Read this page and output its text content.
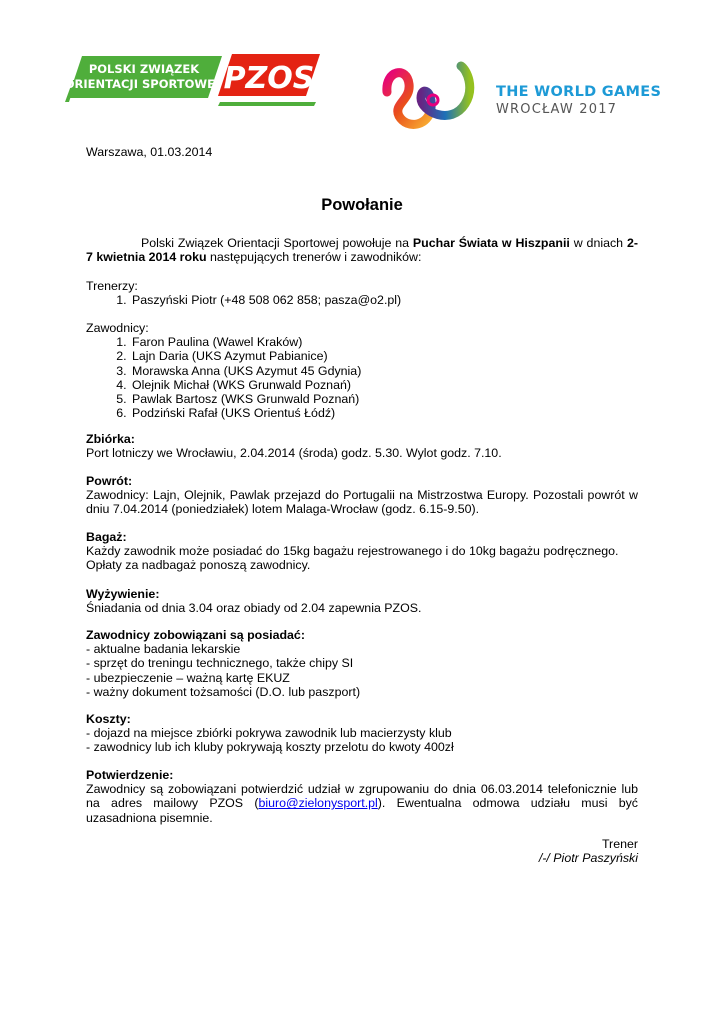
POLSKI ZWIĄZEK
ORIENTACJI SPORTOWEJ PZOS	THE WORLD GAMES
WROCŁAW 2017
Warszawa, 01.03.2014
Powołanie
Polski Związek Orientacji Sportowej powołuje na Puchar Świata w Hiszpanii w dniach 2-7 kwietnia 2014 roku następujących trenerów i zawodników:
Trenerzy:
1. Paszyński Piotr (+48 508 062 858; pasza@o2.pl)
Zawodnicy:
1. Faron Paulina (Wawel Kraków)
2. Lajn Daria (UKS Azymut Pabianice)
3. Morawska Anna (UKS Azymut 45 Gdynia)
4. Olejnik Michał (WKS Grunwald Poznań)
5. Pawlak Bartosz (WKS Grunwald Poznań)
6. Podziński Rafał (UKS Orientuś Łódź)
Zbiórka:
Port lotniczy we Wrocławiu, 2.04.2014 (środa) godz. 5.30. Wylot godz. 7.10.
Powrót:
Zawodnicy: Lajn, Olejnik, Pawlak przejazd do Portugalii na Mistrzostwa Europy. Pozostali powrót w dniu 7.04.2014 (poniedziałek) lotem Malaga-Wrocław (godz. 6.15-9.50).
Bagaż:
Każdy zawodnik może posiadać do 15kg bagażu rejestrowanego i do 10kg bagażu podręcznego. Opłaty za nadbagaż ponoszą zawodnicy.
Wyżywienie:
Śniadania od dnia 3.04 oraz obiady od 2.04 zapewnia PZOS.
Zawodnicy zobowiązani są posiadać:
- aktualne badania lekarskie
- sprzęt do treningu technicznego, także chipy SI
- ubezpieczenie – ważną kartę EKUZ
- ważny dokument tożsamości (D.O. lub paszport)
Koszty:
- dojazd na miejsce zbiórki pokrywa zawodnik lub macierzysty klub
- zawodnicy lub ich kluby pokrywają koszty przelotu do kwoty 400zł
Potwierdzenie:
Zawodnicy są zobowiązani potwierdzić udział w zgrupowaniu do dnia 06.03.2014 telefonicznie lub na adres mailowy PZOS (biuro@zielonysport.pl). Ewentualna odmowa udziału musi być uzasadniona pisemnie.
Trener
/-/ Piotr Paszyński
